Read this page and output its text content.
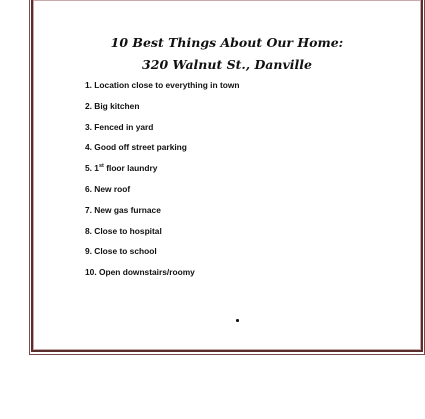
10 Best Things About Our Home:
320 Walnut St., Danville
1. Location close to everything in town
2. Big kitchen
3. Fenced in yard
4. Good off street parking
5. 1st floor laundry
6. New roof
7. New gas furnace
8. Close to hospital
9. Close to school
10. Open downstairs/roomy
